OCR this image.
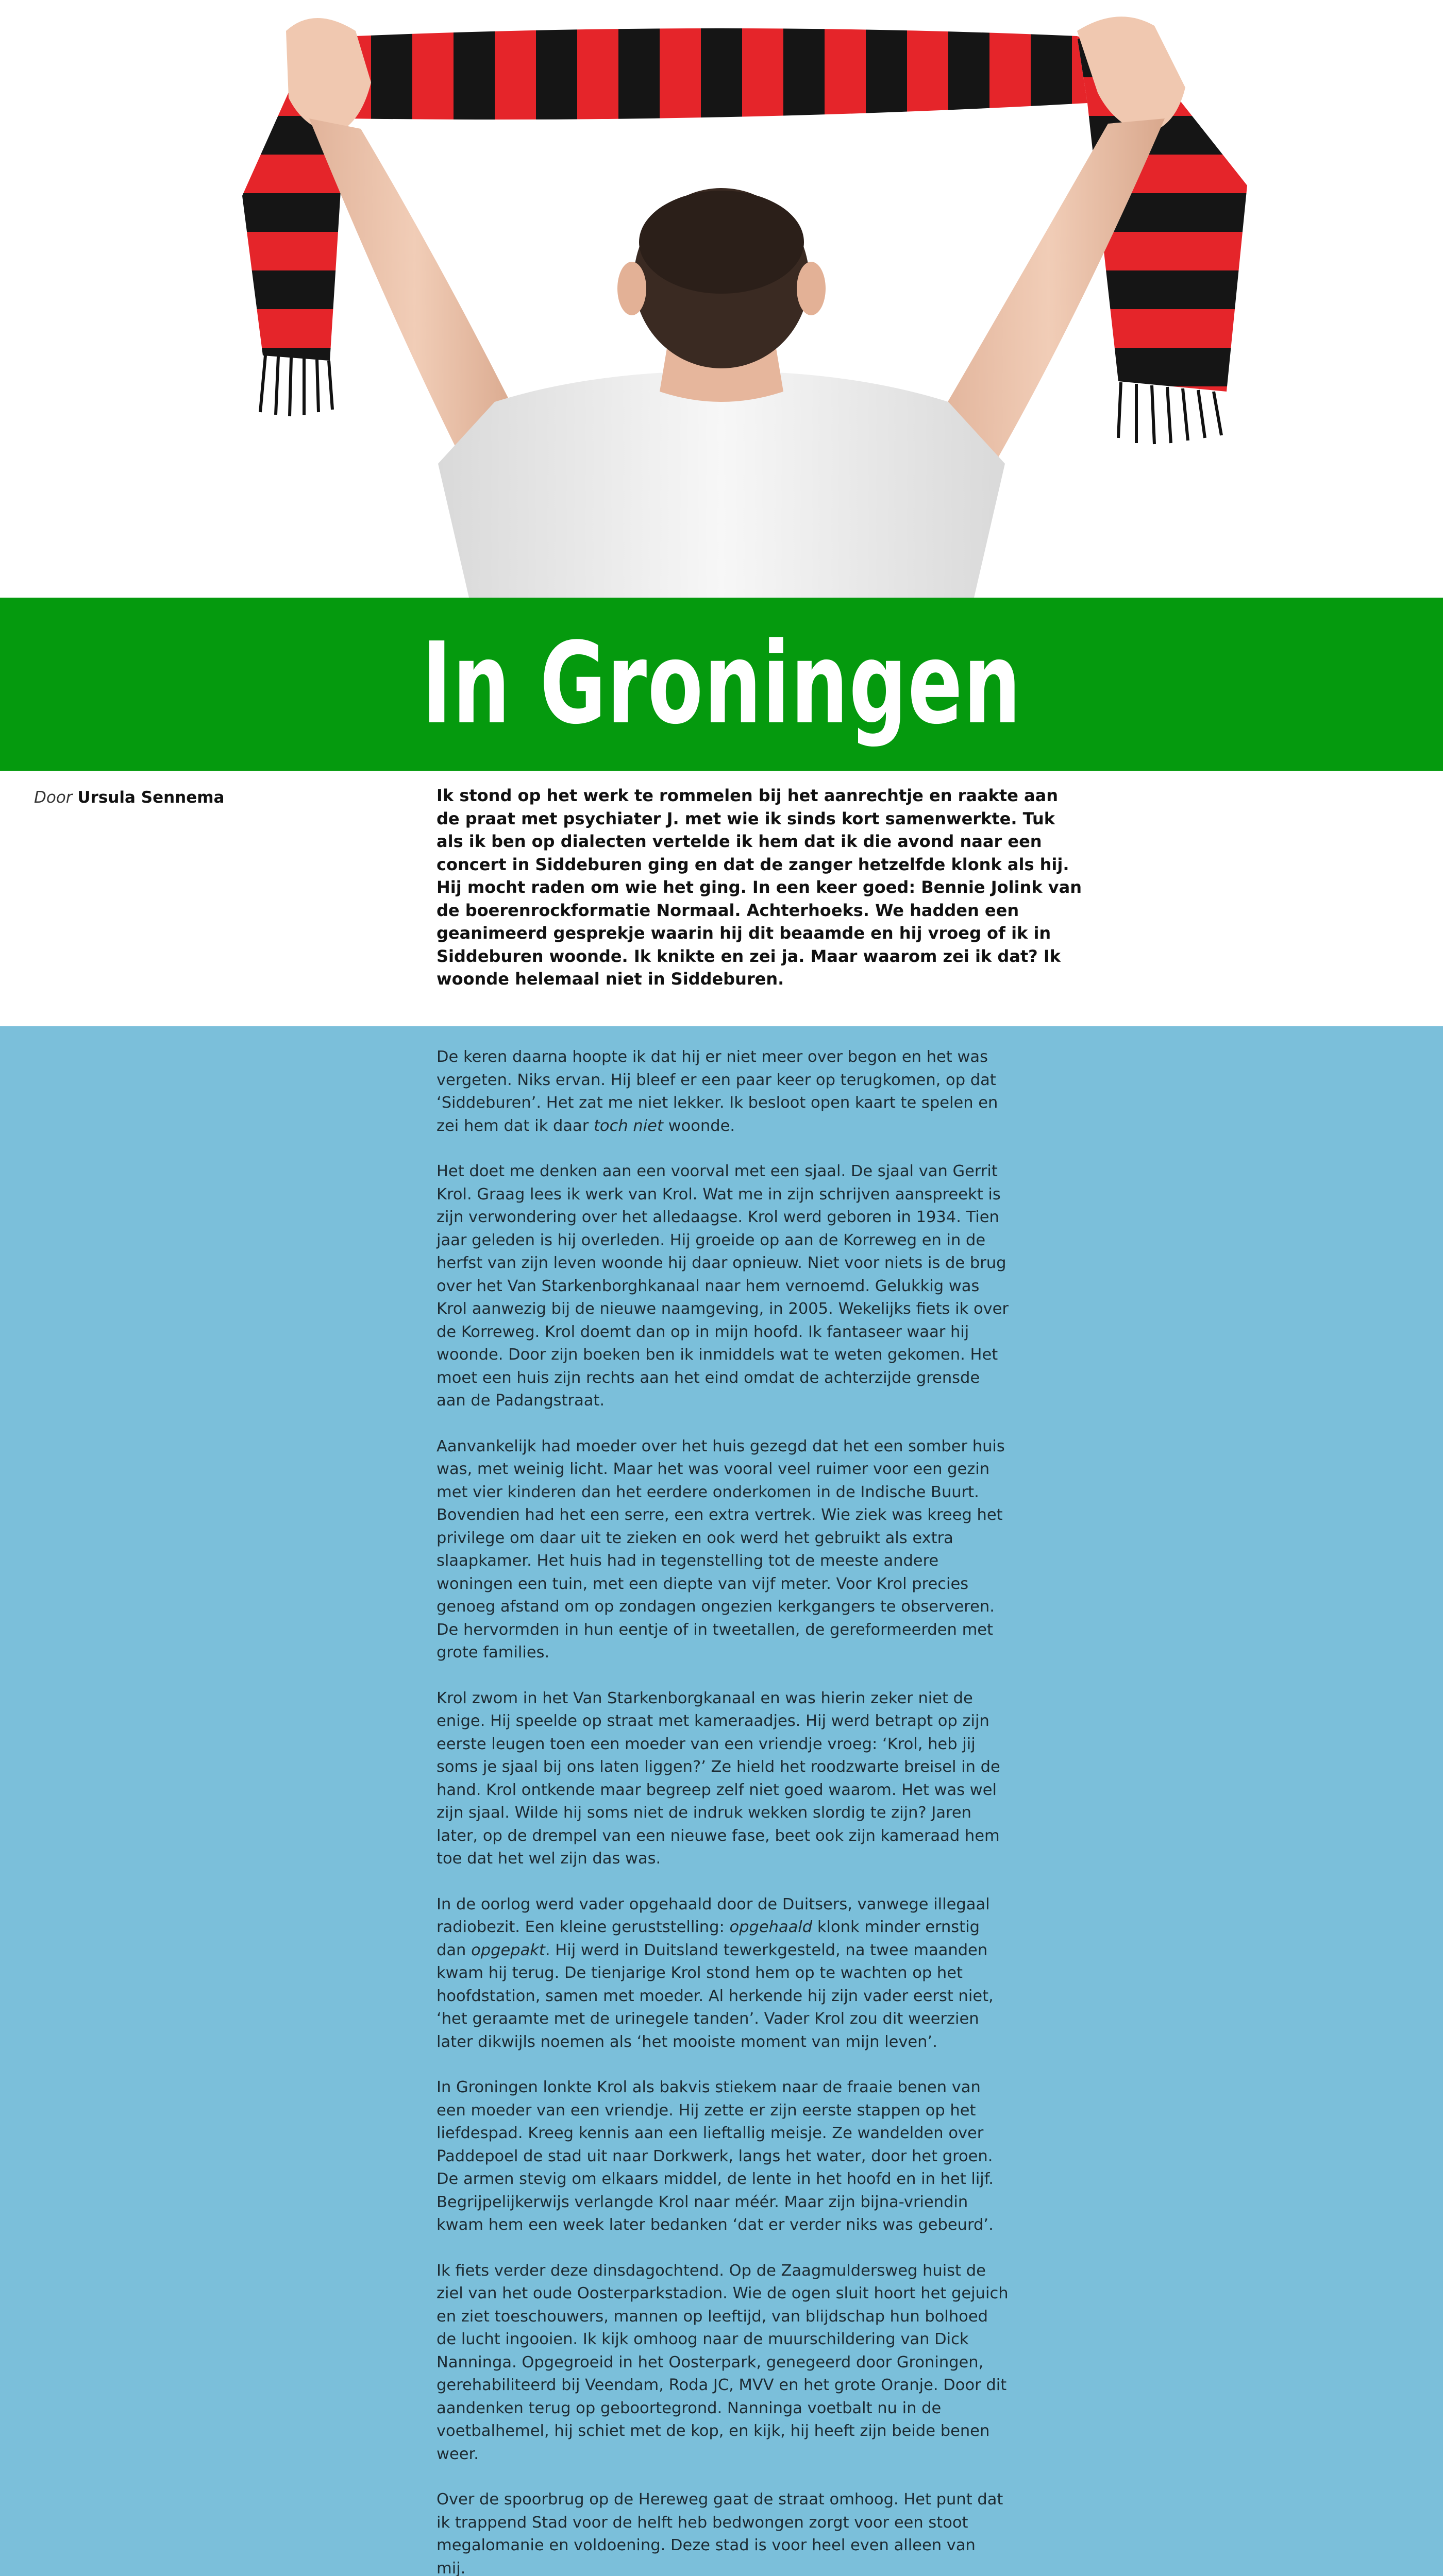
In Groningen
Door Ursula Sennema	Ik stond op het werk te rommelen bij het aanrechtje en raakte aan de praat met psychiater J. met wie ik sinds kort samenwerkte. Tuk als ik ben op dialecten vertelde ik hem dat ik die avond naar een concert in Siddeburen ging en dat de zanger hetzelfde klonk als hij. Hij mocht raden om wie het ging. In een keer goed: Bennie Jolink van de boerenrockformatie Normaal. Achterhoeks. We hadden een geanimeerd gesprekje waarin hij dit beaamde en hij vroeg of ik in Siddeburen woonde. Ik knikte en zei ja. Maar waarom zei ik dat? Ik woonde helemaal niet in Siddeburen.

De keren daarna hoopte ik dat hij er niet meer over begon en het was vergeten. Niks ervan. Hij bleef er een paar keer op terugkomen, op dat ‘Siddeburen’. Het zat me niet lekker. Ik besloot open kaart te spelen en zei hem dat ik daar toch niet woonde.

Het doet me denken aan een voorval met een sjaal. De sjaal van Gerrit Krol. Graag lees ik werk van Krol. Wat me in zijn schrijven aanspreekt is zijn verwondering over het alledaagse. Krol werd geboren in 1934. Tien jaar geleden is hij overleden. Hij groeide op aan de Korreweg en in de herfst van zijn leven woonde hij daar opnieuw. Niet voor niets is de brug over het Van Starkenborghkanaal naar hem vernoemd. Gelukkig was Krol aanwezig bij de nieuwe naamgeving, in 2005. Wekelijks fiets ik over de Korreweg. Krol doemt dan op in mijn hoofd. Ik fantaseer waar hij woonde. Door zijn boeken ben ik inmiddels wat te weten gekomen. Het moet een huis zijn rechts aan het eind omdat de achterzijde grensde aan de Padangstraat.

Aanvankelijk had moeder over het huis gezegd dat het een somber huis was, met weinig licht. Maar het was vooral veel ruimer voor een gezin met vier kinderen dan het eerdere onderkomen in de Indische Buurt. Bovendien had het een serre, een extra vertrek. Wie ziek was kreeg het privilege om daar uit te zieken en ook werd het gebruikt als extra slaapkamer. Het huis had in tegenstelling tot de meeste andere woningen een tuin, met een diepte van vijf meter. Voor Krol precies genoeg afstand om op zondagen ongezien kerkgangers te observeren. De hervormden in hun eentje of in tweetallen, de gereformeerden met grote families.

Krol zwom in het Van Starkenborgkanaal en was hierin zeker niet de enige. Hij speelde op straat met kameraadjes. Hij werd betrapt op zijn eerste leugen toen een moeder van een vriendje vroeg: ‘Krol, heb jij soms je sjaal bij ons laten liggen?’ Ze hield het roodzwarte breisel in de hand. Krol ontkende maar begreep zelf niet goed waarom. Het was wel zijn sjaal. Wilde hij soms niet de indruk wekken slordig te zijn? Jaren later, op de drempel van een nieuwe fase, beet ook zijn kameraad hem toe dat het wel zijn das was.

In de oorlog werd vader opgehaald door de Duitsers, vanwege illegaal radiobezit. Een kleine geruststelling: opgehaald klonk minder ernstig dan opgepakt. Hij werd in Duitsland tewerkgesteld, na twee maanden kwam hij terug. De tienjarige Krol stond hem op te wachten op het hoofdstation, samen met moeder. Al herkende hij zijn vader eerst niet, ‘het geraamte met de urinegele tanden’. Vader Krol zou dit weerzien later dikwijls noemen als ‘het mooiste moment van mijn leven’.

In Groningen lonkte Krol als bakvis stiekem naar de fraaie benen van een moeder van een vriendje. Hij zette er zijn eerste stappen op het liefdespad. Kreeg kennis aan een lieftallig meisje. Ze wandelden over Paddepoel de stad uit naar Dorkwerk, langs het water, door het groen. De armen stevig om elkaars middel, de lente in het hoofd en in het lijf. Begrijpelijkerwijs verlangde Krol naar méér. Maar zijn bijna-vriendin kwam hem een week later bedanken ‘dat er verder niks was gebeurd’.

Ik fiets verder deze dinsdagochtend. Op de Zaagmuldersweg huist de ziel van het oude Oosterparkstadion. Wie de ogen sluit hoort het gejuich en ziet toeschouwers, mannen op leeftijd, van blijdschap hun bolhoed de lucht ingooien. Ik kijk omhoog naar de muurschildering van Dick Nanninga. Opgegroeid in het Oosterpark, genegeerd door Groningen, gerehabiliteerd bij Veendam, Roda JC, MVV en het grote Oranje. Door dit aandenken terug op geboortegrond. Nanninga voetbalt nu in de voetbalhemel, hij schiet met de kop, en kijk, hij heeft zijn beide benen weer.

Over de spoorbrug op de Hereweg gaat de straat omhoog. Het punt dat ik trappend Stad voor de helft heb bedwongen zorgt voor een stoot megalomanie en voldoening. Deze stad is voor heel even alleen van mij.
